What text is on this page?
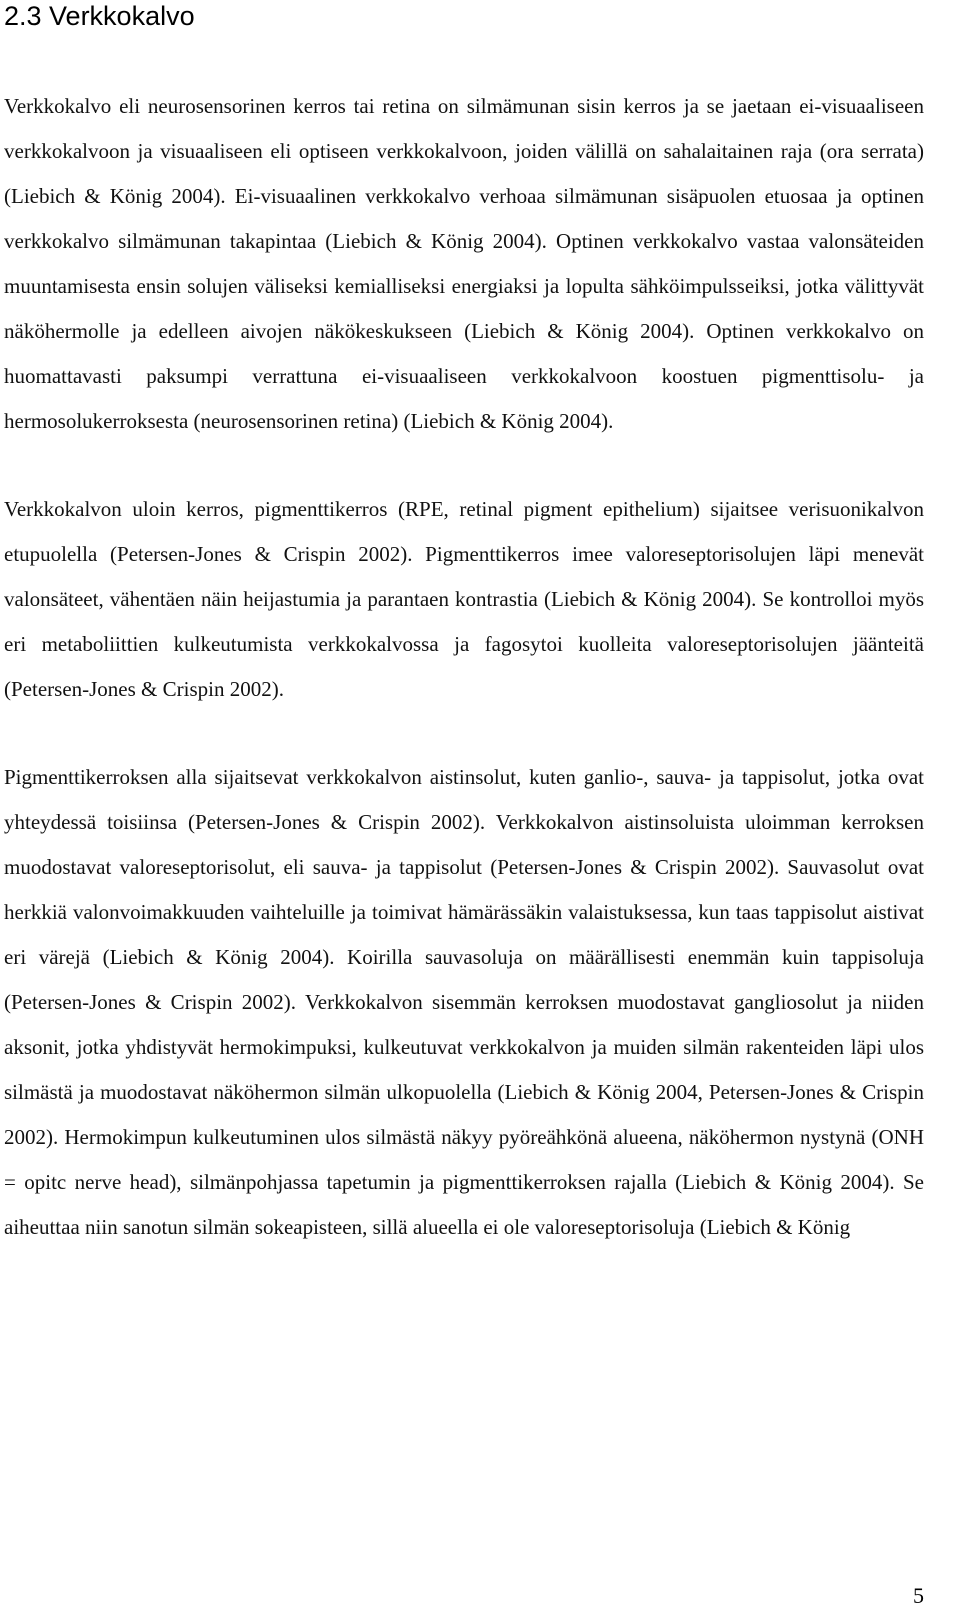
2.3 Verkkokalvo

Verkkokalvo eli neurosensorinen kerros tai retina on silmämunan sisin kerros ja se jaetaan ei-visuaaliseen verkkokalvoon ja visuaaliseen eli optiseen verkkokalvoon, joiden välillä on sahalaitainen raja (ora serrata) (Liebich & König 2004). Ei-visuaalinen verkkokalvo verhoaa silmämunan sisäpuolen etuosaa ja optinen verkkokalvo silmämunan takapintaa (Liebich & König 2004). Optinen verkkokalvo vastaa valonsäteiden muuntamisesta ensin solujen väliseksi kemialliseksi energiaksi ja lopulta sähköimpulsseiksi, jotka välittyvät näköhermolle ja edelleen aivojen näkökeskukseen (Liebich & König 2004). Optinen verkkokalvo on huomattavasti paksumpi verrattuna ei-visuaaliseen verkkokalvoon koostuen pigmenttisolu- ja hermosolukerroksesta (neurosensorinen retina) (Liebich & König 2004).

Verkkokalvon uloin kerros, pigmenttikerros (RPE, retinal pigment epithelium) sijaitsee verisuonikalvon etupuolella (Petersen-Jones & Crispin 2002). Pigmenttikerros imee valoreseptorisolujen läpi menevät valonsäteet, vähentäen näin heijastumia ja parantaen kontrastia (Liebich & König 2004). Se kontrolloi myös eri metaboliittien kulkeutumista verkkokalvossa ja fagosytoi kuolleita valoreseptorisolujen jäänteitä (Petersen-Jones & Crispin 2002).

Pigmenttikerroksen alla sijaitsevat verkkokalvon aistinsolut, kuten ganlio-, sauva- ja tappisolut, jotka ovat yhteydessä toisiinsa (Petersen-Jones & Crispin 2002). Verkkokalvon aistinsoluista uloimman kerroksen muodostavat valoreseptorisolut, eli sauva- ja tappisolut (Petersen-Jones & Crispin 2002). Sauvasolut ovat herkkiä valonvoimakkuuden vaihteluille ja toimivat hämärässäkin valaistuksessa, kun taas tappisolut aistivat eri värejä (Liebich & König 2004). Koirilla sauvasoluja on määrällisesti enemmän kuin tappisoluja (Petersen-Jones & Crispin 2002). Verkkokalvon sisemmän kerroksen muodostavat gangliosolut ja niiden aksonit, jotka yhdistyvät hermokimpuksi, kulkeutuvat verkkokalvon ja muiden silmän rakenteiden läpi ulos silmästä ja muodostavat näköhermon silmän ulkopuolella (Liebich & König 2004, Petersen-Jones & Crispin 2002). Hermokimpun kulkeutuminen ulos silmästä näkyy pyöreähkönä alueena, näköhermon nystynä (ONH = opitc nerve head), silmänpohjassa tapetumin ja pigmenttikerroksen rajalla (Liebich & König 2004). Se aiheuttaa niin sanotun silmän sokeapisteen, sillä alueella ei ole valoreseptorisoluja (Liebich & König

5
